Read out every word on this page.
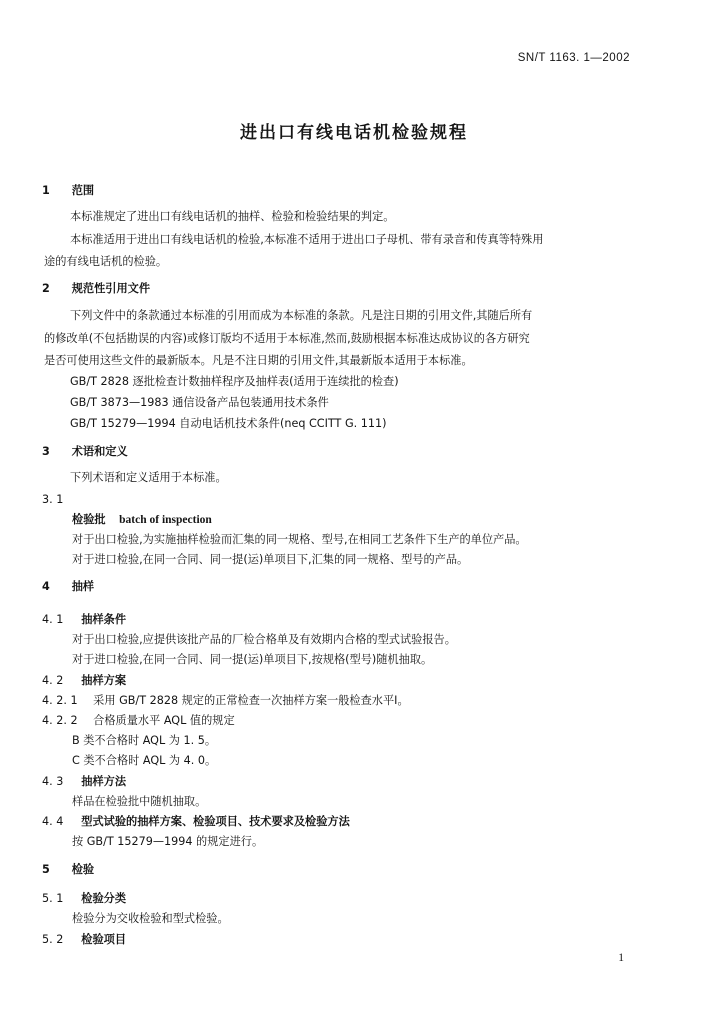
SN/T 1163. 1—2002
进出口有线电话机检验规程
1 范围
本标准规定了进出口有线电话机的抽样、检验和检验结果的判定。
本标准适用于进出口有线电话机的检验,本标准不适用于进出口子母机、带有录音和传真等特殊用
途的有线电话机的检验。
2 规范性引用文件
下列文件中的条款通过本标准的引用而成为本标准的条款。凡是注日期的引用文件,其随后所有
的修改单(不包括勘误的内容)或修订版均不适用于本标准,然而,鼓励根据本标准达成协议的各方研究
是否可使用这些文件的最新版本。凡是不注日期的引用文件,其最新版本适用于本标准。
GB/T 2828 逐批检查计数抽样程序及抽样表(适用于连续批的检查)
GB/T 3873—1983 通信设备产品包装通用技术条件
GB/T 15279—1994 自动电话机技术条件(neq CCITT G. 111)
3 术语和定义
下列术语和定义适用于本标准。
3. 1
检验批 batch of inspection
对于出口检验,为实施抽样检验而汇集的同一规格、型号,在相同工艺条件下生产的单位产品。
对于进口检验,在同一合同、同一提(运)单项目下,汇集的同一规格、型号的产品。
4 抽样
4. 1 抽样条件
对于出口检验,应提供该批产品的厂检合格单及有效期内合格的型式试验报告。
对于进口检验,在同一合同、同一提(运)单项目下,按规格(型号)随机抽取。
4. 2 抽样方案
4. 2. 1 采用 GB/T 2828 规定的正常检查一次抽样方案一般检查水平Ⅰ。
4. 2. 2 合格质量水平 AQL 值的规定
B 类不合格时 AQL 为 1. 5。
C 类不合格时 AQL 为 4. 0。
4. 3 抽样方法
样品在检验批中随机抽取。
4. 4 型式试验的抽样方案、检验项目、技术要求及检验方法
按 GB/T 15279—1994 的规定进行。
5 检验
5. 1 检验分类
检验分为交收检验和型式检验。
5. 2 检验项目
1
